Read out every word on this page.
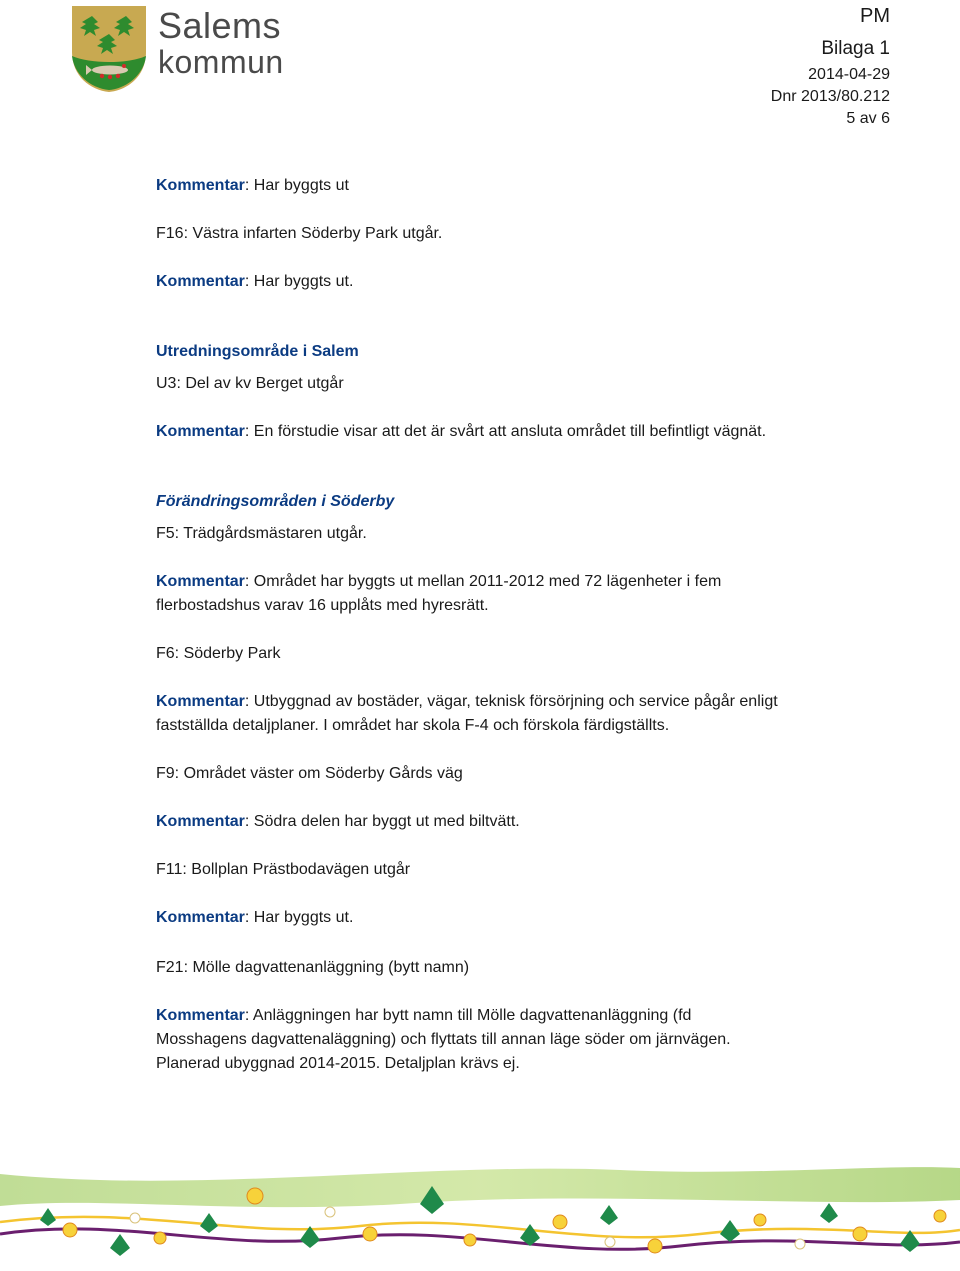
Salems
kommun
PM
Bilaga 1
2014-04-29
Dnr 2013/80.212
5 av 6
Kommentar: Har byggts ut
F16: Västra infarten Söderby Park utgår.
Kommentar: Har byggts ut.
Utredningsområde i Salem
U3: Del av kv Berget utgår
Kommentar: En förstudie visar att det är svårt att ansluta området till befintligt vägnät.
Förändringsområden i Söderby
F5: Trädgårdsmästaren utgår.
Kommentar: Området har byggts ut mellan 2011-2012 med 72 lägenheter i fem
flerbostadshus varav 16 upplåts med hyresrätt.
F6: Söderby Park
Kommentar: Utbyggnad av bostäder, vägar, teknisk försörjning och service pågår enligt
fastställda detaljplaner. I området har skola F-4 och förskola färdigställts.
F9: Området väster om Söderby Gårds väg
Kommentar: Södra delen har byggt ut med biltvätt.
F11: Bollplan Prästbodavägen utgår
Kommentar: Har byggts ut.
F21: Mölle dagvattenanläggning (bytt namn)
Kommentar: Anläggningen har bytt namn till Mölle dagvattenanläggning (fd
Mosshagens dagvattenaläggning) och flyttats till annan läge söder om järnvägen.
Planerad ubyggnad 2014-2015. Detaljplan krävs ej.
